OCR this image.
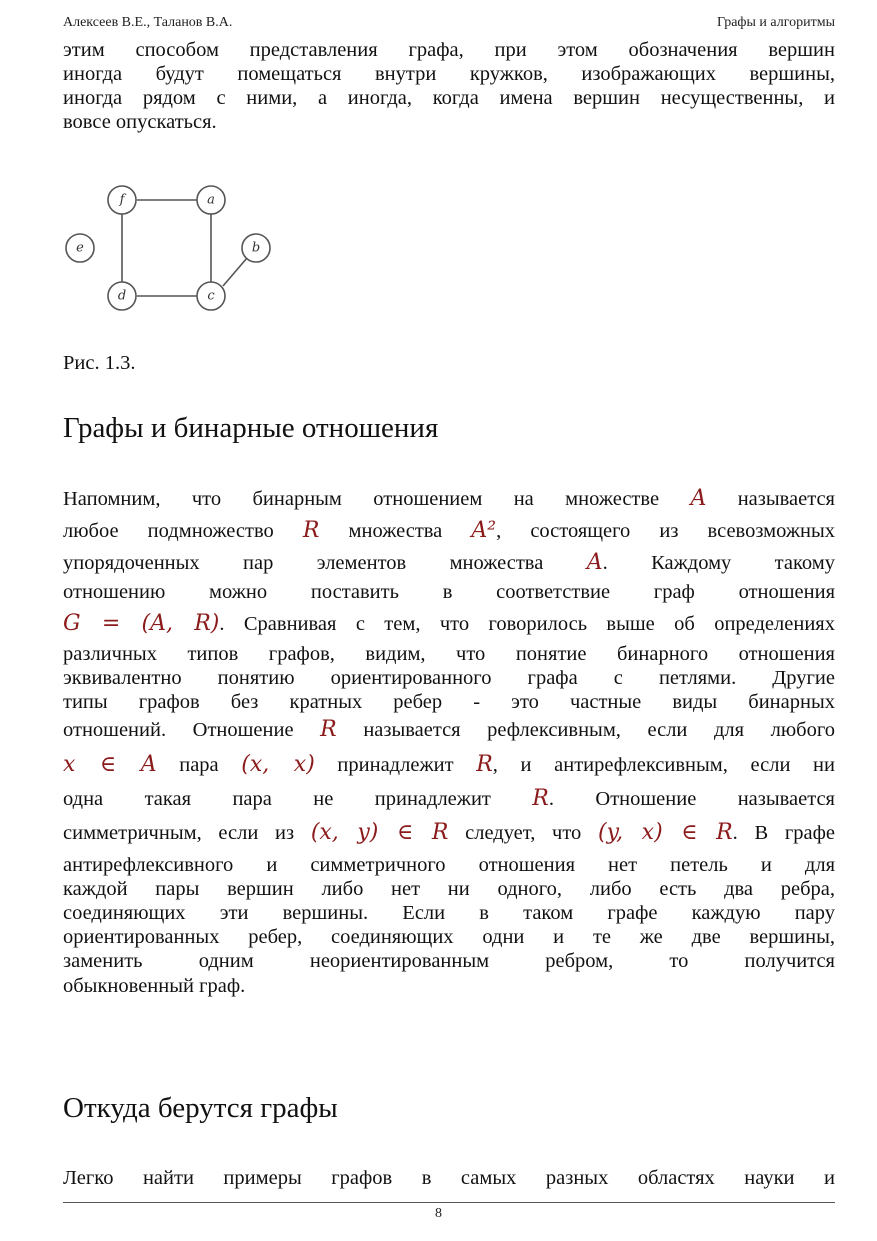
Алексеев В.Е., Таланов В.А.	Графы и алгоритмы

этим способом представления графа, при этом обозначения вершин
иногда будут помещаться внутри кружков, изображающих вершины,
иногда рядом с ними, а иногда, когда имена вершин несущественны, и
вовсе опускаться.

f	a
e	b
d	c
Рис. 1.3.
Графы и бинарные отношения

Напомним, что бинарным отношением на множестве A называется
любое подмножество R множества A², состоящего из всевозможных
упорядоченных пар элементов множества A. Каждому такому
отношению можно поставить в соответствие граф отношения
G = (A, R). Сравнивая с тем, что говорилось выше об определениях
различных типов графов, видим, что понятие бинарного отношения
эквивалентно понятию ориентированного графа с петлями. Другие
типы графов без кратных ребер - это частные виды бинарных
отношений. Отношение R называется рефлексивным, если для любого
x ∈ A пара (x, x) принадлежит R, и антирефлексивным, если ни
одна такая пара не принадлежит R. Отношение называется
симметричным, если из (x, y) ∈ R следует, что (y, x) ∈ R. В графе
антирефлексивного и симметричного отношения нет петель и для
каждой пары вершин либо нет ни одного, либо есть два ребра,
соединяющих эти вершины. Если в таком графе каждую пару
ориентированных ребер, соединяющих одни и те же две вершины,
заменить одним неориентированным ребром, то получится
обыкновенный граф.

Откуда берутся графы

Легко найти примеры графов в самых разных областях науки и

8
